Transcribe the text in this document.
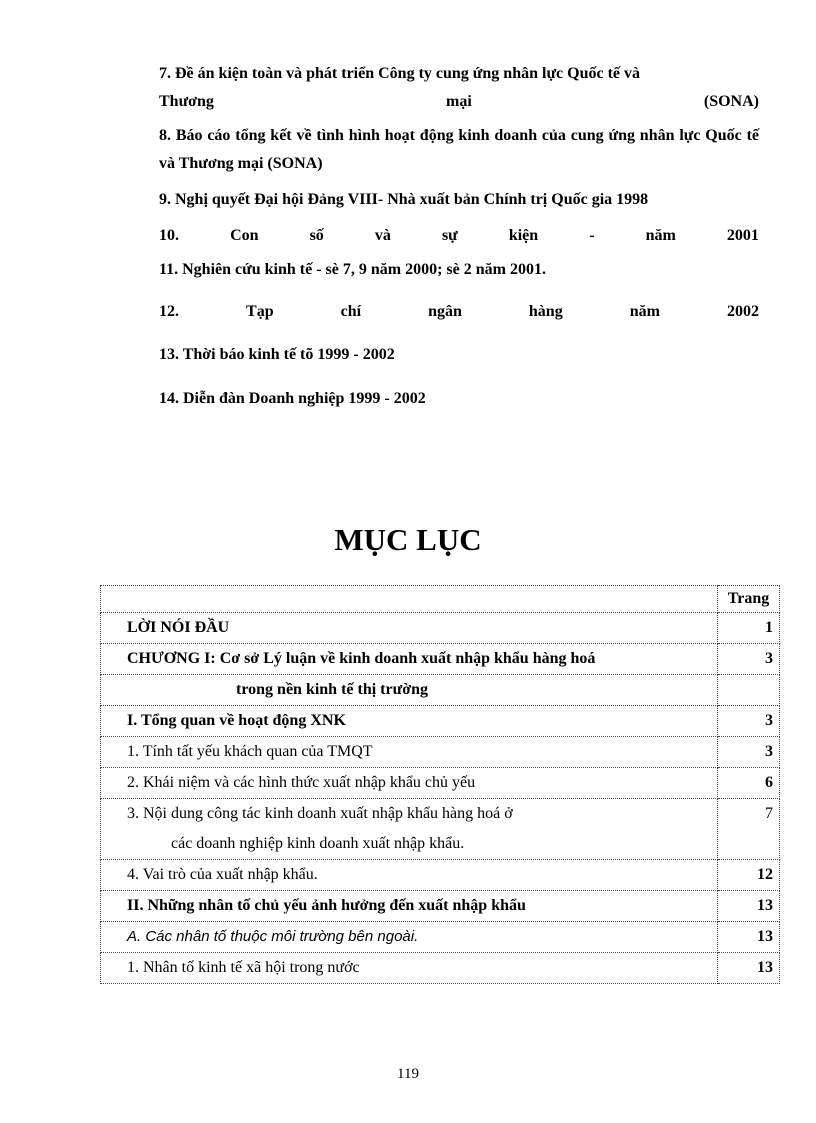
7. Đề án kiện toàn và phát triển Công ty cung ứng nhân lực Quốc tế và
Thương	mại	(SONA)
8. Báo cáo tổng kết về tình hình hoạt động kinh doanh của cung ứng nhân lực Quốc tế và Thương mại (SONA)
9. Nghị quyết Đại hội Đảng VIII- Nhà xuất bản Chính trị Quốc gia 1998
10.	Con	số	và	sự	kiện	-	năm	2001
11. Nghiên cứu kinh tế - sè 7, 9 năm 2000; sè 2 năm 2001.
12.	Tạp	chí	ngân	hàng	năm	2002
13. Thời báo kinh tế tõ 1999 - 2002
14. Diễn đàn Doanh nghiệp 1999 - 2002
MỤC LỤC
	Trang
LỜI NÓI ĐẦU	1
CHƯƠNG I: Cơ sở Lý luận về kinh doanh xuất nhập khẩu hàng hoá	3
trong nền kinh tế thị trường	
I. Tổng quan về hoạt động XNK	3
1. Tính tất yếu khách quan của TMQT	3
2. Khái niệm và các hình thức xuất nhập khẩu chủ yếu	6

3. Nội dung công tác kinh doanh xuất nhập khẩu hàng hoá ở
các doanh nghiệp kinh doanh xuất nhập khẩu.	7
4. Vai trò của xuất nhập khẩu.	12
II. Những nhân tố chủ yếu ảnh hưởng đến xuất nhập khẩu	13
A. Các nhân tố thuộc môi trường bên ngoài.	13
1. Nhân tố kinh tế xã hội trong nước	13
119
